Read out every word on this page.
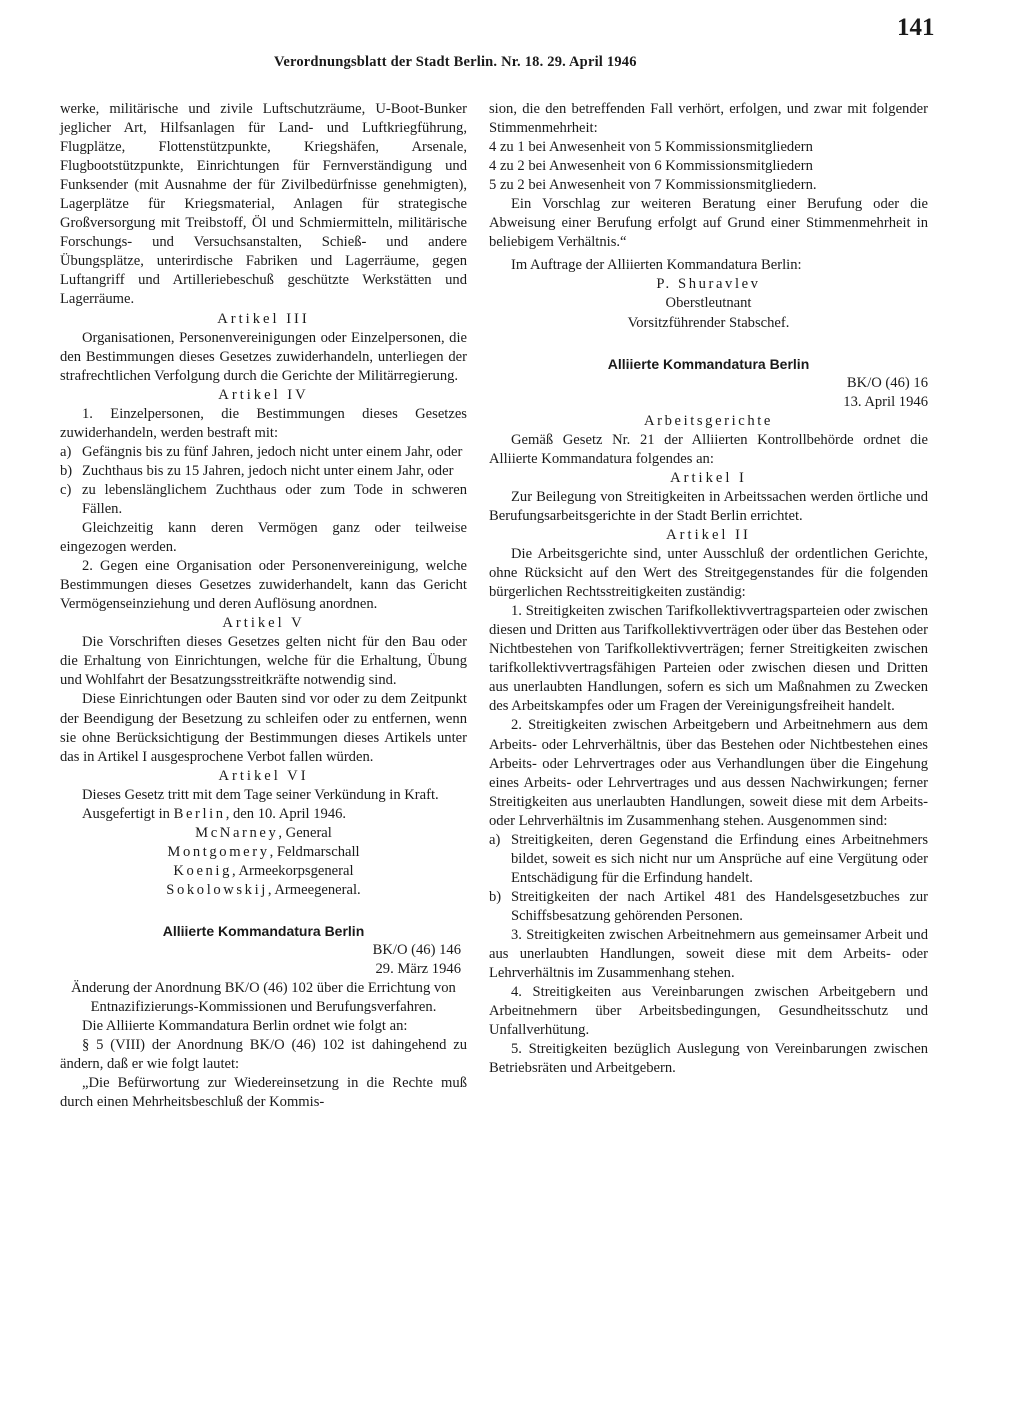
Verordnungsblatt der Stadt Berlin. Nr. 18. 29. April 1946
141

werke, militärische und zivile Luftschutzräume, U-Boot-Bunker jeglicher Art, Hilfsanlagen für Land- und Luftkriegführung, Flugplätze, Flottenstützpunkte, Kriegshäfen, Arsenale, Flugbootstützpunkte, Einrichtungen für Fernverständigung und Funksender (mit Ausnahme der für Zivilbedürfnisse genehmigten), Lagerplätze für Kriegsmaterial, Anlagen für strategische Großversorgung mit Treibstoff, Öl und Schmiermitteln, militärische Forschungs- und Versuchsanstalten, Schieß- und andere Übungsplätze, unterirdische Fabriken und Lagerräume, gegen Luftangriff und Artilleriebeschuß geschützte Werkstätten und Lagerräume.

Artikel III

Organisationen, Personenvereinigungen oder Einzelpersonen, die den Bestimmungen dieses Gesetzes zuwiderhandeln, unterliegen der strafrechtlichen Verfolgung durch die Gerichte der Militärregierung.

Artikel IV

1. Einzelpersonen, die Bestimmungen dieses Gesetzes zuwiderhandeln, werden bestraft mit:

a) Gefängnis bis zu fünf Jahren, jedoch nicht unter einem Jahr, oder
b) Zuchthaus bis zu 15 Jahren, jedoch nicht unter einem Jahr, oder
c) zu lebenslänglichem Zuchthaus oder zum Tode in schweren Fällen.

Gleichzeitig kann deren Vermögen ganz oder teilweise eingezogen werden.

2. Gegen eine Organisation oder Personenvereinigung, welche Bestimmungen dieses Gesetzes zuwiderhandelt, kann das Gericht Vermögenseinziehung und deren Auflösung anordnen.

Artikel V

Die Vorschriften dieses Gesetzes gelten nicht für den Bau oder die Erhaltung von Einrichtungen, welche für die Erhaltung, Übung und Wohlfahrt der Besatzungsstreitkräfte notwendig sind.

Diese Einrichtungen oder Bauten sind vor oder zu dem Zeitpunkt der Beendigung der Besetzung zu schleifen oder zu entfernen, wenn sie ohne Berücksichtigung der Bestimmungen dieses Artikels unter das in Artikel I ausgesprochene Verbot fallen würden.

Artikel VI

Dieses Gesetz tritt mit dem Tage seiner Verkündung in Kraft.

Ausgefertigt in Berlin, den 10. April 1946.

McNarney, General

Montgomery, Feldmarschall

Koenig, Armeekorpsgeneral

Sokolowskij, Armeegeneral.

Alliierte Kommandatura Berlin

BK/O (46) 146

29. März 1946

Änderung der Anordnung BK/O (46) 102 über die Errichtung von Entnazifizierungs-Kommissionen und Berufungsverfahren.

Die Alliierte Kommandatura Berlin ordnet wie folgt an:

§ 5 (VIII) der Anordnung BK/O (46) 102 ist dahingehend zu ändern, daß er wie folgt lautet:

„Die Befürwortung zur Wiedereinsetzung in die Rechte muß durch einen Mehrheitsbeschluß der Kommis-

sion, die den betreffenden Fall verhört, erfolgen, und zwar mit folgender Stimmenmehrheit:

4 zu 1 bei Anwesenheit von 5 Kommissionsmitgliedern

4 zu 2 bei Anwesenheit von 6 Kommissionsmitgliedern

5 zu 2 bei Anwesenheit von 7 Kommissionsmitgliedern.

Ein Vorschlag zur weiteren Beratung einer Berufung oder die Abweisung einer Berufung erfolgt auf Grund einer Stimmenmehrheit in beliebigem Verhältnis.“

Im Auftrage der Alliierten Kommandatura Berlin:

P. Shuravlev

Oberstleutnant

Vorsitzführender Stabschef.

Alliierte Kommandatura Berlin

BK/O (46) 16

13. April 1946

Arbeitsgerichte

Gemäß Gesetz Nr. 21 der Alliierten Kontrollbehörde ordnet die Alliierte Kommandatura folgendes an:

Artikel I

Zur Beilegung von Streitigkeiten in Arbeitssachen werden örtliche und Berufungsarbeitsgerichte in der Stadt Berlin errichtet.

Artikel II

Die Arbeitsgerichte sind, unter Ausschluß der ordentlichen Gerichte, ohne Rücksicht auf den Wert des Streitgegenstandes für die folgenden bürgerlichen Rechtsstreitigkeiten zuständig:

1. Streitigkeiten zwischen Tarifkollektivvertragsparteien oder zwischen diesen und Dritten aus Tarifkollektivverträgen oder über das Bestehen oder Nichtbestehen von Tarifkollektivverträgen; ferner Streitigkeiten zwischen tarifkollektivvertragsfähigen Parteien oder zwischen diesen und Dritten aus unerlaubten Handlungen, sofern es sich um Maßnahmen zu Zwecken des Arbeitskampfes oder um Fragen der Vereinigungsfreiheit handelt.

2. Streitigkeiten zwischen Arbeitgebern und Arbeitnehmern aus dem Arbeits- oder Lehrverhältnis, über das Bestehen oder Nichtbestehen eines Arbeits- oder Lehrvertrages oder aus Verhandlungen über die Eingehung eines Arbeits- oder Lehrvertrages und aus dessen Nachwirkungen; ferner Streitigkeiten aus unerlaubten Handlungen, soweit diese mit dem Arbeits- oder Lehrverhältnis im Zusammenhang stehen. Ausgenommen sind:

a) Streitigkeiten, deren Gegenstand die Erfindung eines Arbeitnehmers bildet, soweit es sich nicht nur um Ansprüche auf eine Vergütung oder Entschädigung für die Erfindung handelt.
b) Streitigkeiten der nach Artikel 481 des Handelsgesetzbuches zur Schiffsbesatzung gehörenden Personen.

3. Streitigkeiten zwischen Arbeitnehmern aus gemeinsamer Arbeit und aus unerlaubten Handlungen, soweit diese mit dem Arbeits- oder Lehrverhältnis im Zusammenhang stehen.

4. Streitigkeiten aus Vereinbarungen zwischen Arbeitgebern und Arbeitnehmern über Arbeitsbedingungen, Gesundheitsschutz und Unfallverhütung.

5. Streitigkeiten bezüglich Auslegung von Vereinbarungen zwischen Betriebsräten und Arbeitgebern.
